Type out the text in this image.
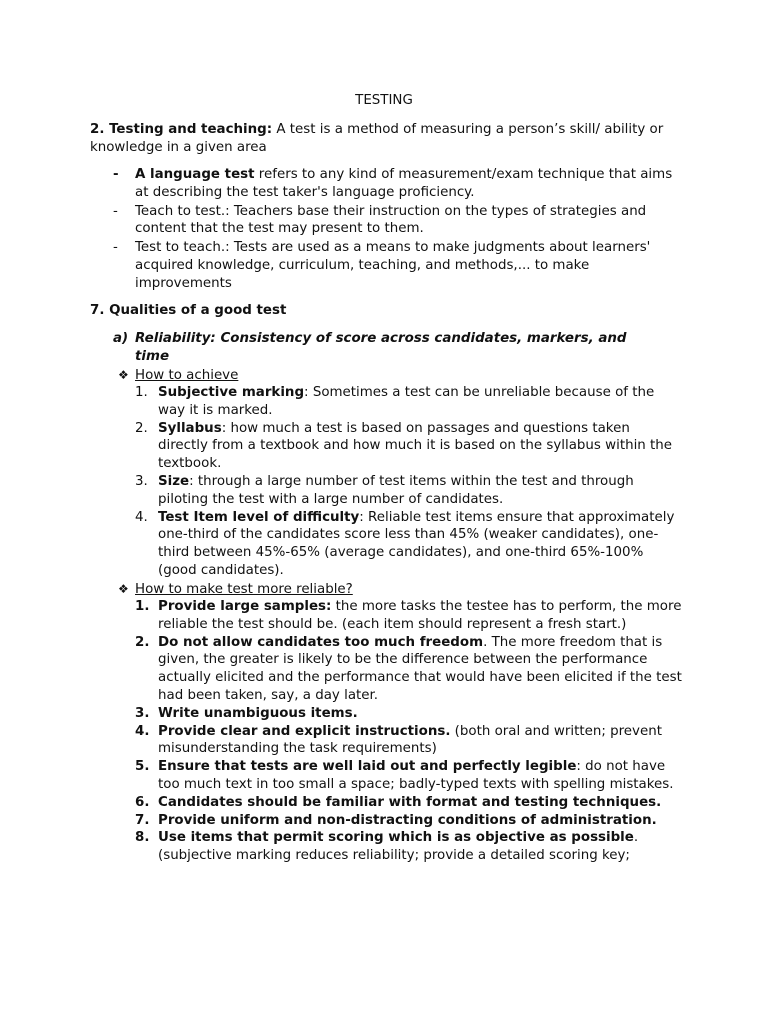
TESTING
2. Testing and teaching: A test is a method of measuring a person’s skill/ ability or knowledge in a given area
-	A language test refers to any kind of measurement/exam technique that aims at describing the test taker's language proficiency.
-	Teach to test.: Teachers base their instruction on the types of strategies and content that the test may present to them.
-	Test to teach.: Tests are used as a means to make judgments about learners' acquired knowledge, curriculum, teaching, and methods,... to make improvements
7. Qualities of a good test
a) Reliability: Consistency of score across candidates, markers, and time
❖ How to achieve
1. Subjective marking: Sometimes a test can be unreliable because of the way it is marked.
2. Syllabus: how much a test is based on passages and questions taken directly from a textbook and how much it is based on the syllabus within the textbook.
3. Size: through a large number of test items within the test and through piloting the test with a large number of candidates.
4. Test Item level of difficulty: Reliable test items ensure that approximately one-third of the candidates score less than 45% (weaker candidates), one-third between 45%-65% (average candidates), and one-third 65%-100% (good candidates).
❖ How to make test more reliable?
1. Provide large samples: the more tasks the testee has to perform, the more reliable the test should be. (each item should represent a fresh start.)
2. Do not allow candidates too much freedom. The more freedom that is given, the greater is likely to be the difference between the performance actually elicited and the performance that would have been elicited if the test had been taken, say, a day later.
3. Write unambiguous items.
4. Provide clear and explicit instructions. (both oral and written; prevent misunderstanding the task requirements)
5. Ensure that tests are well laid out and perfectly legible: do not have too much text in too small a space; badly-typed texts with spelling mistakes.
6. Candidates should be familiar with format and testing techniques.
7. Provide uniform and non-distracting conditions of administration.
8. Use items that permit scoring which is as objective as possible. (subjective marking reduces reliability; provide a detailed scoring key;
